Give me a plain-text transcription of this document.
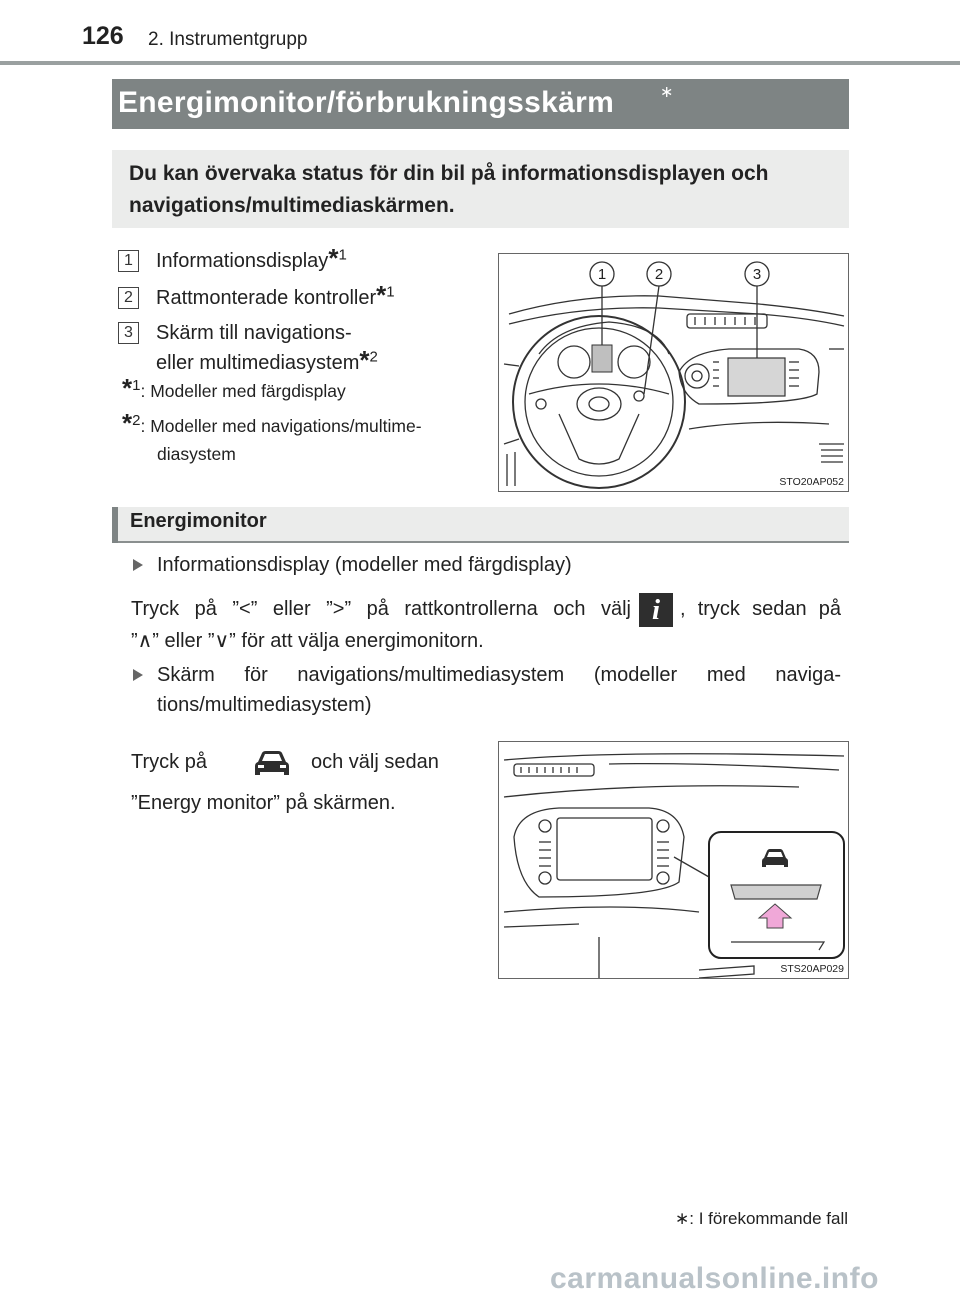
126 2. Instrumentgrupp
Energimonitor/förbrukningsskärm	∗
Du kan övervaka status för din bil på informationsdisplayen och
navigations/multimediaskärmen.
1	Informationsdisplay*$^1$
2	Rattmonterade kontroller*$^1$
3	Skärm till navigations-
eller multimediasystem*$^2$
*1: Modeller med färgdisplay
*2: Modeller med navigations/multime-
diasystem
1	2	3
STO20AP052
Energimonitor
Informationsdisplay (modeller med färgdisplay)
Tryck på ”<” eller ”>” på rattkontrollerna och välj i , tryck sedan på
”∧” eller ”∨” för att välja energimonitorn.
Skärm för navigations/multimediasystem (modeller med naviga-
tions/multimediasystem)
Tryck på	och välj sedan
”Energy monitor” på skärmen.
STS20AP029
∗: I förekommande fall
carmanualsonline.info
